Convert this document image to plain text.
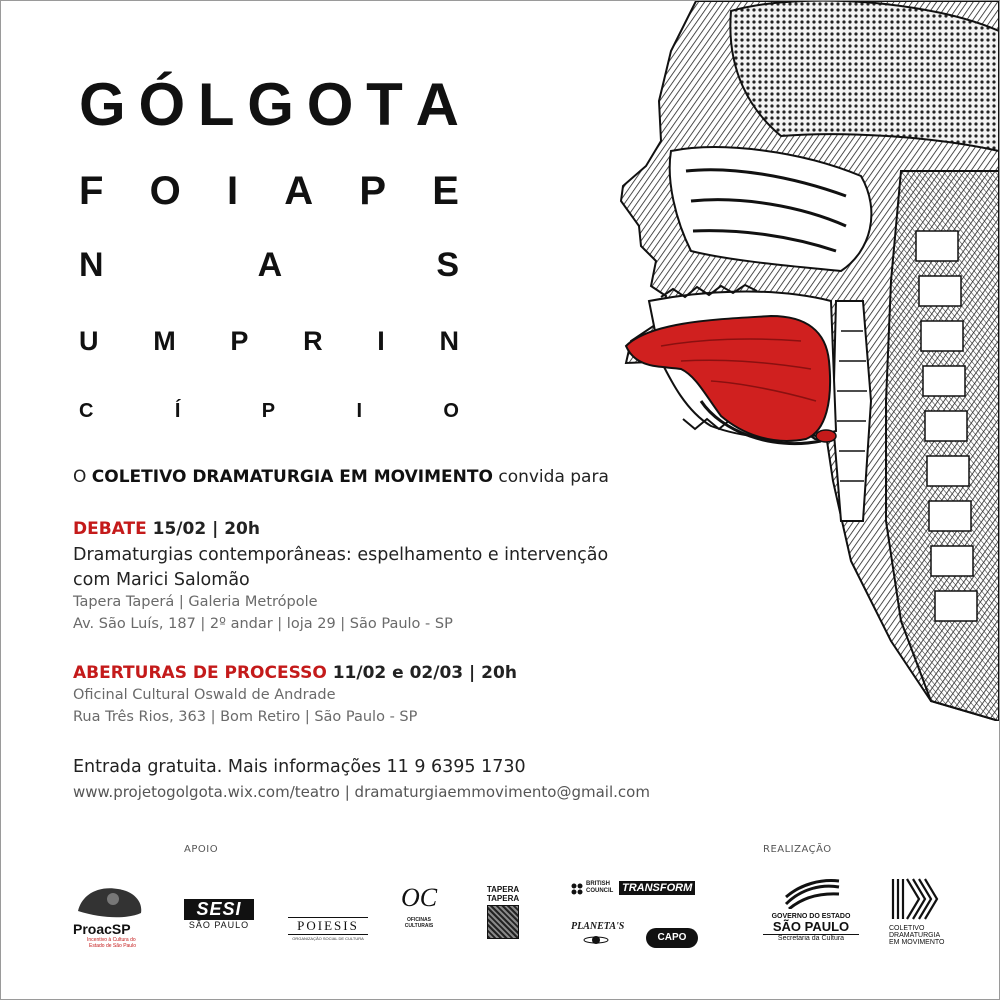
G Ó L G O T A
F O I A P E
N	A	S
U M P R I N
C	Í	P	I	O
O COLETIVO DRAMATURGIA EM MOVIMENTO convida para
DEBATE 15/02 | 20h
Dramaturgias contemporâneas: espelhamento e intervenção
com Marici Salomão
Tapera Taperá | Galeria Metrópole
Av. São Luís, 187 | 2º andar | loja 29 | São Paulo - SP
ABERTURAS DE PROCESSO 11/02 e 02/03 | 20h
Oficinal Cultural Oswald de Andrade
Rua Três Rios, 363 | Bom Retiro | São Paulo - SP
Entrada gratuita. Mais informações 11 9 6395 1730
www.projetogolgota.wix.com/teatro | dramaturgiaemmovimento@gmail.com
APOIO	REALIZAÇÃO
ProacSP
Incentivo à Cultura do
Estado de São Paulo
SESI
SÃO PAULO	POIESIS
ORGANIZAÇÃO SOCIAL DE CULTURA
OC
OFICINAS
CULTURAIS
TAPERA
TAPERA
BRITISH
COUNCIL TRANSFORM
PLANETA'S
CAPO
GOVERNO DO ESTADO
SÃO PAULO
Secretaria da Cultura
COLETIVO
DRAMATURGIA
EM MOVIMENTO
